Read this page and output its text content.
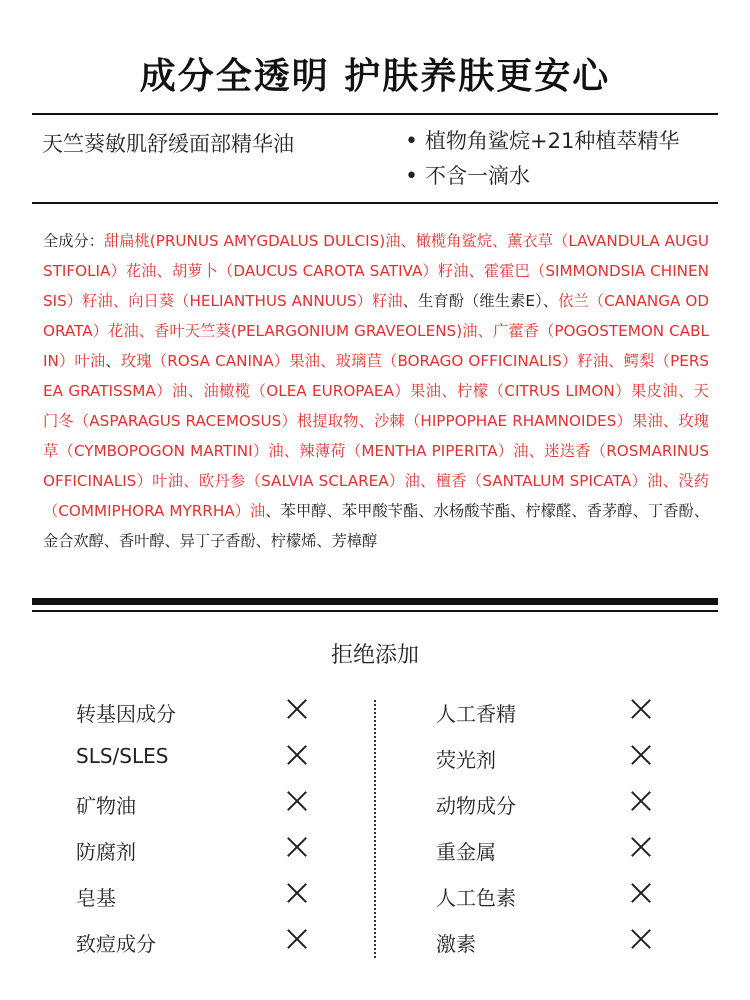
成分全透明 护肤养肤更安心
天竺葵敏肌舒缓面部精华油	• 植物角鲨烷+21种植萃精华
• 不含一滴水
全成分：甜扁桃(PRUNUS AMYGDALUS DULCIS)油、橄榄角鲨烷、薰衣草（LAVANDULA AUGUSTIFOLIA）花油、胡萝卜（DAUCUS CAROTA SATIVA）籽油、霍霍巴（SIMMONDSIA CHINENSIS）籽油、向日葵（HELIANTHUS ANNUUS）籽油、生育酚（维生素E）、依兰（CANANGA ODORATA）花油、香叶天竺葵(PELARGONIUM GRAVEOLENS)油、广藿香（POGOSTEMON CABLIN）叶油、玫瑰（ROSA CANINA）果油、玻璃苣（BORAGO OFFICINALIS）籽油、鳄梨（PERSEA GRATISSMA）油、油橄榄（OLEA EUROPAEA）果油、柠檬（CITRUS LIMON）果皮油、天门冬（ASPARAGUS RACEMOSUS）根提取物、沙棘（HIPPOPHAE RHAMNOIDES）果油、玫瑰草（CYMBOPOGON MARTINI）油、辣薄荷（MENTHA PIPERITA）油、迷迭香（ROSMARINUS OFFICINALIS）叶油、欧丹参（SALVIA SCLAREA）油、檀香（SANTALUM SPICATA）油、没药（COMMIPHORA MYRRHA）油、苯甲醇、苯甲酸苄酯、水杨酸苄酯、柠檬醛、香茅醇、丁香酚、金合欢醇、香叶醇、异丁子香酚、柠檬烯、芳樟醇
拒绝添加
转基因成分
SLS/SLES
矿物油
防腐剂
皂基
致痘成分
人工香精
荧光剂
动物成分
重金属
人工色素
激素
